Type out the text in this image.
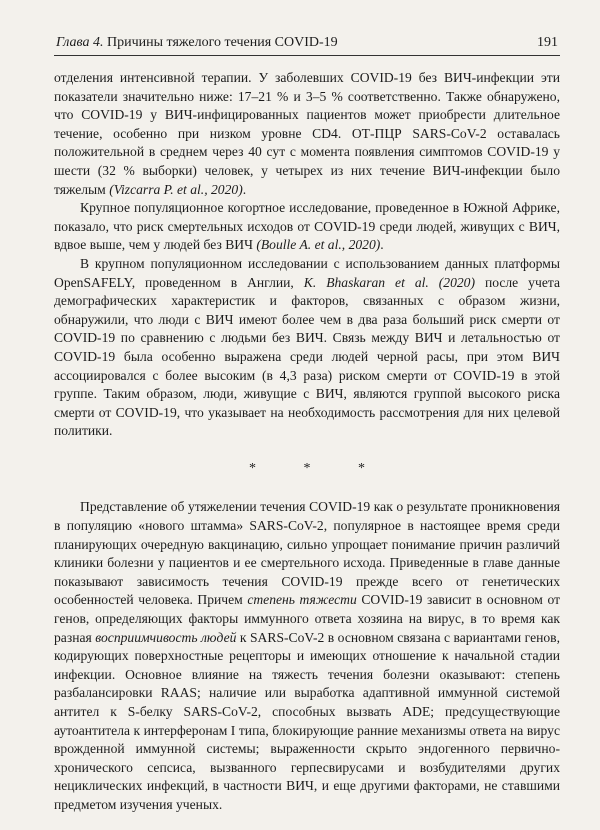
Глава 4. Причины тяжелого течения COVID-19	191

отделения интенсивной терапии. У заболевших COVID-19 без ВИЧ-инфекции эти показатели значительно ниже: 17–21 % и 3–5 % соответственно. Также обнаружено, что COVID-19 у ВИЧ-инфицированных пациентов может приобрести длительное течение, особенно при низком уровне CD4. ОТ-ПЦР SARS-CoV-2 оставалась положительной в среднем через 40 сут с момента появления симптомов COVID-19 у шести (32 % выборки) человек, у четырех из них течение ВИЧ-инфекции было тяжелым (Vizcarra P. et al., 2020).

Крупное популяционное когортное исследование, проведенное в Южной Африке, показало, что риск смертельных исходов от COVID-19 среди людей, живущих с ВИЧ, вдвое выше, чем у людей без ВИЧ (Boulle A. et al., 2020).

В крупном популяционном исследовании с использованием данных платформы OpenSAFELY, проведенном в Англии, K. Bhaskaran et al. (2020) после учета демографических характеристик и факторов, связанных с образом жизни, обнаружили, что люди с ВИЧ имеют более чем в два раза больший риск смерти от COVID-19 по сравнению с людьми без ВИЧ. Связь между ВИЧ и летальностью от COVID-19 была особенно выражена среди людей черной расы, при этом ВИЧ ассоциировался с более высоким (в 4,3 раза) риском смерти от COVID-19 в этой группе. Таким образом, люди, живущие с ВИЧ, являются группой высокого риска смерти от COVID-19, что указывает на необходимость рассмотрения для них целевой политики.

* * *

Представление об утяжелении течения COVID-19 как о результате проникновения в популяцию «нового штамма» SARS-CoV-2, популярное в настоящее время среди планирующих очередную вакцинацию, сильно упрощает понимание причин различий клиники болезни у пациентов и ее смертельного исхода. Приведенные в главе данные показывают зависимость течения COVID-19 прежде всего от генетических особенностей человека. Причем степень тяжести COVID-19 зависит в основном от генов, определяющих факторы иммунного ответа хозяина на вирус, в то время как разная восприимчивость людей к SARS-CoV-2 в основном связана с вариантами генов, кодирующих поверхностные рецепторы и имеющих отношение к начальной стадии инфекции. Основное влияние на тяжесть течения болезни оказывают: степень разбалансировки RAAS; наличие или выработка адаптивной иммунной системой антител к S-белку SARS-CoV-2, способных вызвать ADE; предсуществующие аутоантитела к интерферонам I типа, блокирующие ранние механизмы ответа на вирус врожденной иммунной системы; выраженности скрыто эндогенного первично-хронического сепсиса, вызванного герпесвирусами и возбудителями других нециклических инфекций, в частности ВИЧ, и еще другими факторами, не ставшими предметом изучения ученых.
